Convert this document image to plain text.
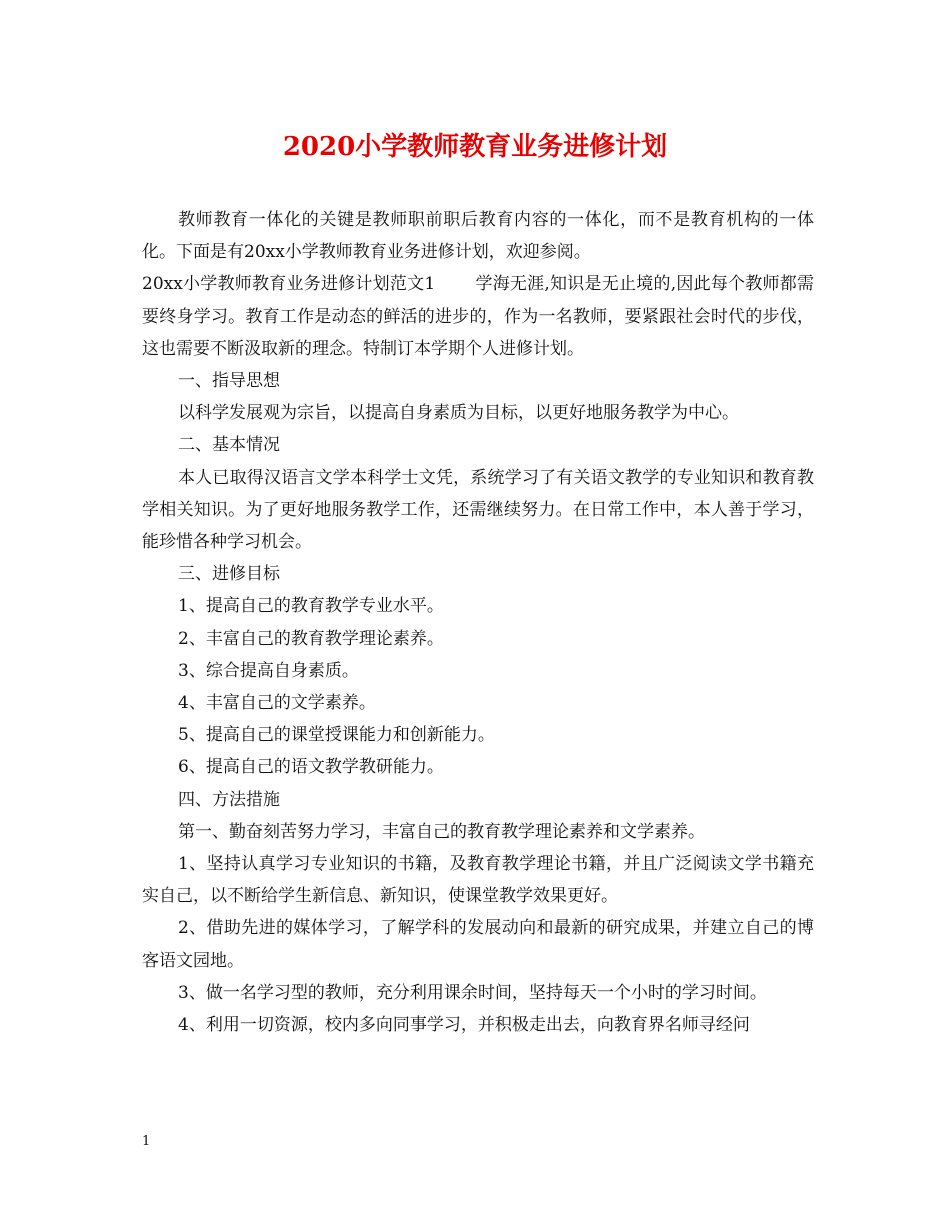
2020小学教师教育业务进修计划

教师教育一体化的关键是教师职前职后教育内容的一体化，而不是教育机构的一体化。下面是有20xx小学教师教育业务进修计划，欢迎参阅。

20xx小学教师教育业务进修计划范文1 学海无涯,知识是无止境的,因此每个教师都需要终身学习。教育工作是动态的鲜活的进步的，作为一名教师，要紧跟社会时代的步伐，这也需要不断汲取新的理念。特制订本学期个人进修计划。

一、指导思想

以科学发展观为宗旨，以提高自身素质为目标，以更好地服务教学为中心。

二、基本情况

本人已取得汉语言文学本科学士文凭，系统学习了有关语文教学的专业知识和教育教学相关知识。为了更好地服务教学工作，还需继续努力。在日常工作中，本人善于学习，能珍惜各种学习机会。

三、进修目标

1、提高自己的教育教学专业水平。

2、丰富自己的教育教学理论素养。

3、综合提高自身素质。

4、丰富自己的文学素养。

5、提高自己的课堂授课能力和创新能力。

6、提高自己的语文教学教研能力。

四、方法措施

第一、勤奋刻苦努力学习，丰富自己的教育教学理论素养和文学素养。

1、坚持认真学习专业知识的书籍，及教育教学理论书籍，并且广泛阅读文学书籍充实自己，以不断给学生新信息、新知识，使课堂教学效果更好。

2、借助先进的媒体学习，了解学科的发展动向和最新的研究成果，并建立自己的博客语文园地。

3、做一名学习型的教师，充分利用课余时间，坚持每天一个小时的学习时间。

4、利用一切资源，校内多向同事学习，并积极走出去，向教育界名师寻经问

1
